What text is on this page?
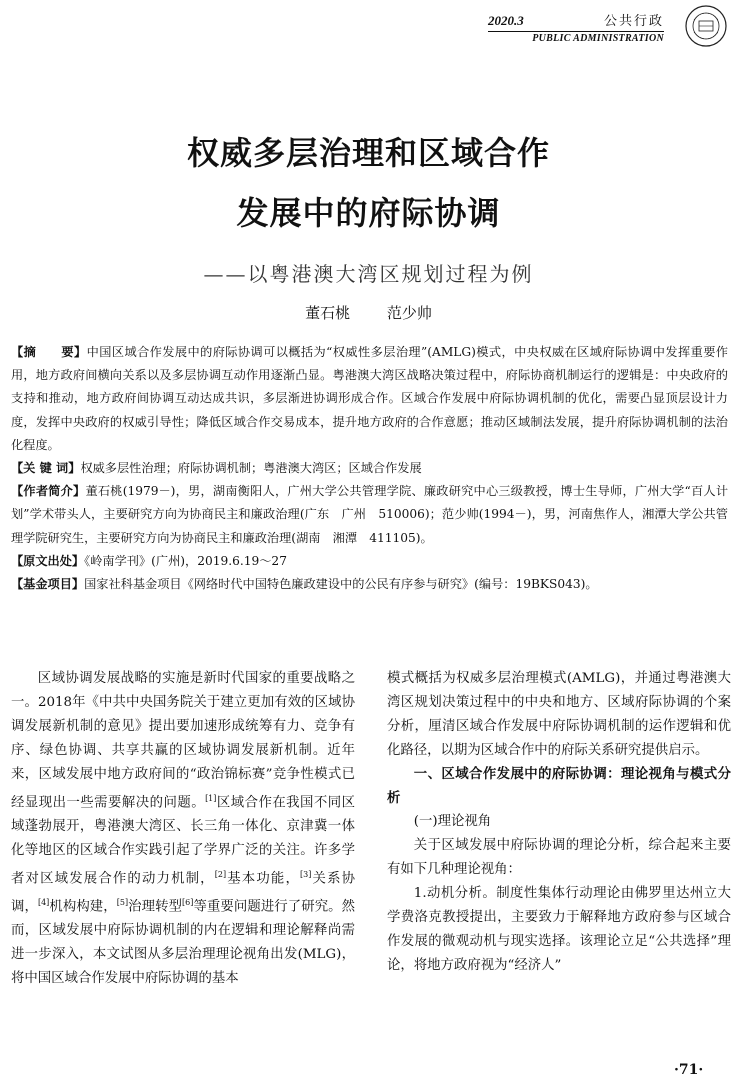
2020.3	公共行政
PUBLIC ADMINISTRATION
权威多层治理和区域合作
发展中的府际协调
——以粤港澳大湾区规划过程为例
董石桃 范少帅

【摘　　要】中国区域合作发展中的府际协调可以概括为“权威性多层治理”(AMLG)模式，中央权威在区域府际协调中发挥重要作用，地方政府间横向关系以及多层协调互动作用逐渐凸显。粤港澳大湾区战略决策过程中，府际协商机制运行的逻辑是：中央政府的支持和推动，地方政府间协调互动达成共识，多层渐进协调形成合作。区域合作发展中府际协调机制的优化，需要凸显顶层设计力度，发挥中央政府的权威引导性；降低区域合作交易成本，提升地方政府的合作意愿；推动区域制法发展，提升府际协调机制的法治化程度。

【关 键 词】权威多层性治理；府际协调机制；粤港澳大湾区；区域合作发展

【作者简介】董石桃(1979－)，男，湖南衡阳人，广州大学公共管理学院、廉政研究中心三级教授，博士生导师，广州大学“百人计划”学术带头人，主要研究方向为协商民主和廉政治理(广东　广州　510006)；范少帅(1994－)，男，河南焦作人，湘潭大学公共管理学院研究生，主要研究方向为协商民主和廉政治理(湖南　湘潭　411105)。

【原文出处】《岭南学刊》(广州)，2019.6.19～27

【基金项目】国家社科基金项目《网络时代中国特色廉政建设中的公民有序参与研究》(编号：19BKS043)。

区域协调发展战略的实施是新时代国家的重要战略之一。2018年《中共中央国务院关于建立更加有效的区域协调发展新机制的意见》提出要加速形成统筹有力、竞争有序、绿色协调、共享共赢的区域协调发展新机制。近年来，区域发展中地方政府间的“政治锦标赛”竞争性模式已经显现出一些需要解决的问题。[1]区域合作在我国不同区域蓬勃展开，粤港澳大湾区、长三角一体化、京津冀一体化等地区的区域合作实践引起了学界广泛的关注。许多学者对区域发展合作的动力机制，[2]基本功能，[3]关系协调，[4]机构构建，[5]治理转型[6]等重要问题进行了研究。然而，区域发展中府际协调机制的内在逻辑和理论解释尚需进一步深入，本文试图从多层治理理论视角出发(MLG)，将中国区域合作发展中府际协调的基本

模式概括为权威多层治理模式(AMLG)，并通过粤港澳大湾区规划决策过程中的中央和地方、区域府际协调的个案分析，厘清区域合作发展中府际协调机制的运作逻辑和优化路径，以期为区域合作中的府际关系研究提供启示。

一、区域合作发展中的府际协调：理论视角与模式分析

(一)理论视角

关于区域发展中府际协调的理论分析，综合起来主要有如下几种理论视角：

1.动机分析。制度性集体行动理论由佛罗里达州立大学费洛克教授提出，主要致力于解释地方政府参与区域合作发展的微观动机与现实选择。该理论立足“公共选择”理论，将地方政府视为“经济人”

·71·
